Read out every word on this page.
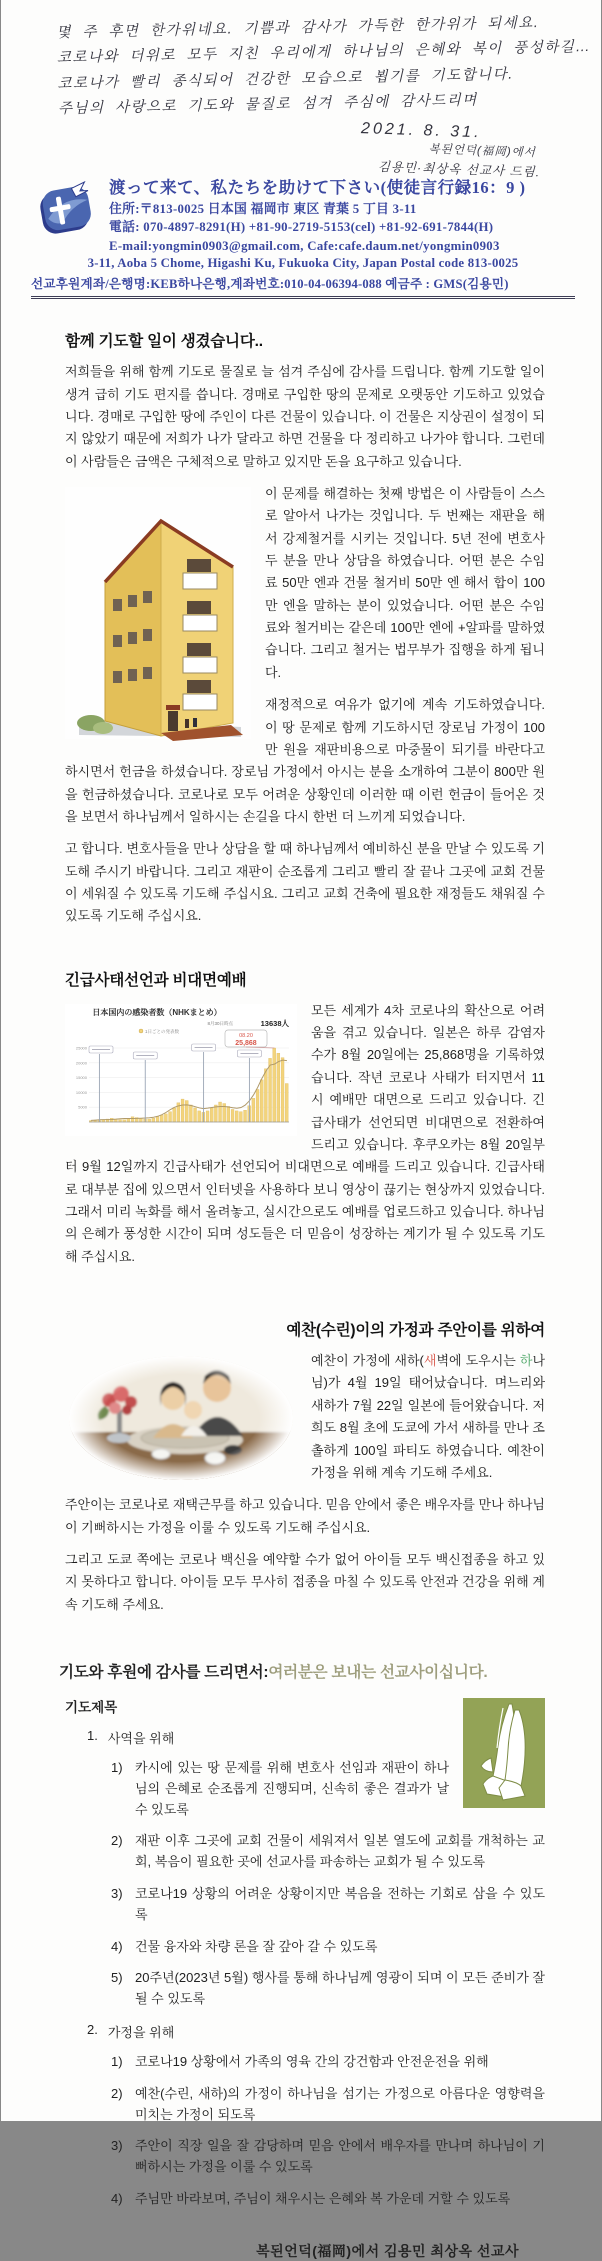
몇 주 후면 한가위네요. 기쁨과 감사가 가득한 한가위가 되세요.
코로나와 더위로 모두 지친 우리에게 하나님의 은혜와 복이 풍성하길…
코로나가 빨리 종식되어 건강한 모습으로 뵙기를 기도합니다.
주님의 사랑으로 기도와 물질로 섬겨 주심에 감사드리며
2021. 8. 31.
복된언덕(福岡)에서
김용민·최상옥 선교사 드림.
渡って来て、私たちを助けて下さい(使徒言行録16：9 )
住所:〒813-0025 日本国 福岡市 東区 青葉 5 丁目 3-11
電話: 070-4897-8291(H) +81-90-2719-5153(cel) +81-92-691-7844(H)
E-mail:yongmin0903@gmail.com, Cafe:cafe.daum.net/yongmin0903
3-11, Aoba 5 Chome, Higashi Ku, Fukuoka City, Japan Postal code 813-0025
선교후원계좌/은행명:KEB하나은행,계좌번호:010-04-06394-088 예금주 : GMS(김용민)
함께 기도할 일이 생겼습니다..

저희들을 위해 함께 기도로 물질로 늘 섬겨 주심에 감사를 드립니다. 함께 기도할 일이 생겨 급히 기도 편지를 씁니다. 경매로 구입한 땅의 문제로 오랫동안 기도하고 있었습니다. 경매로 구입한 땅에 주인이 다른 건물이 있습니다. 이 건물은 지상권이 설정이 되지 않았기 때문에 저희가 나가 달라고 하면 건물을 다 정리하고 나가야 합니다. 그런데 이 사람들은 금액은 구체적으로 말하고 있지만 돈을 요구하고 있습니다.

이 문제를 해결하는 첫째 방법은 이 사람들이 스스로 알아서 나가는 것입니다. 두 번째는 재판을 해서 강제철거를 시키는 것입니다. 5년 전에 변호사 두 분을 만나 상담을 하였습니다. 어떤 분은 수임료 50만 엔과 건물 철거비 50만 엔 해서 합이 100만 엔을 말하는 분이 있었습니다. 어떤 분은 수임료와 철거비는 같은데 100만 엔에 +알파를 말하였습니다. 그리고 철거는 법무부가 집행을 하게 됩니다.

재정적으로 여유가 없기에 계속 기도하였습니다. 이 땅 문제로 함께 기도하시던 장로님 가정이 100만 원을 재판비용으로 마중물이 되기를 바란다고 하시면서 헌금을 하셨습니다. 장로님 가정에서 아시는 분을 소개하여 그분이 800만 원을 헌금하셨습니다. 코로나로 모두 어려운 상황인데 이러한 때 이런 헌금이 들어온 것을 보면서 하나님께서 일하시는 손길을 다시 한번 더 느끼게 되었습니다.

고 합니다. 변호사들을 만나 상담을 할 때 하나님께서 예비하신 분을 만날 수 있도록 기도해 주시기 바랍니다. 그리고 재판이 순조롭게 그리고 빨리 잘 끝나 그곳에 교회 건물이 세워질 수 있도록 기도해 주십시요. 그리고 교회 건축에 필요한 재정들도 채워질 수 있도록 기도해 주십시요.

긴급사태선언과 비대면예배
日本国内の感染者数（NHKまとめ）
8月30日時点	13638人
1日ごとの発表数
08.20
25,868
25000
20000
15000
10000
5000

모든 세계가 4차 코로나의 확산으로 어려움을 겪고 있습니다. 일본은 하루 감염자 수가 8월 20일에는 25,868명을 기록하였습니다. 작년 코로나 사태가 터지면서 11시 예배만 대면으로 드리고 있습니다. 긴급사태가 선언되면 비대면으로 전환하여 드리고 있습니다. 후쿠오카는 8월 20일부터 9월 12일까지 긴급사태가 선언되어 비대면으로 예배를 드리고 있습니다. 긴급사태로 대부분 집에 있으면서 인터넷을 사용하다 보니 영상이 끊기는 현상까지 있었습니다. 그래서 미리 녹화를 해서 올려놓고, 실시간으로도 예배를 업로드하고 있습니다. 하나님의 은혜가 풍성한 시간이 되며 성도들은 더 믿음이 성장하는 계기가 될 수 있도록 기도해 주십시요.

예찬(수린)이의 가정과 주안이를 위하여

예찬이 가정에 새하(새벽에 도우시는 하나님)가 4월 19일 태어났습니다. 며느리와 새하가 7월 22일 일본에 들어왔습니다. 저희도 8월 초에 도쿄에 가서 새하를 만나 조촐하게 100일 파티도 하였습니다. 예찬이 가정을 위해 계속 기도해 주세요.

주안이는 코로나로 재택근무를 하고 있습니다. 믿음 안에서 좋은 배우자를 만나 하나님이 기뻐하시는 가정을 이룰 수 있도록 기도해 주십시요.

그리고 도쿄 쪽에는 코로나 백신을 예약할 수가 없어 아이들 모두 백신접종을 하고 있지 못하다고 합니다. 아이들 모두 무사히 접종을 마칠 수 있도록 안전과 건강을 위해 계속 기도해 주세요.

기도와 후원에 감사를 드리면서:여러분은 보내는 선교사이십니다.
기도제목
1. 사역을 위해
1) 카시에 있는 땅 문제를 위해 변호사 선임과 재판이 하나님의 은혜로 순조롭게 진행되며, 신속히 좋은 결과가 날 수 있도록
2) 재판 이후 그곳에 교회 건물이 세워져서 일본 열도에 교회를 개척하는 교회, 복음이 필요한 곳에 선교사를 파송하는 교회가 될 수 있도록
3) 코로나19 상황의 어려운 상황이지만 복음을 전하는 기회로 삼을 수 있도록
4) 건물 융자와 차량 론을 잘 갚아 갈 수 있도록
5) 20주년(2023년 5월) 행사를 통해 하나님께 영광이 되며 이 모든 준비가 잘 될 수 있도록
2. 가정을 위해
1) 코로나19 상황에서 가족의 영육 간의 강건함과 안전운전을 위해
2) 예찬(수린, 새하)의 가정이 하나님을 섬기는 가정으로 아름다운 영향력을 미치는 가정이 되도록
3) 주안이 직장 일을 잘 감당하며 믿음 안에서 배우자를 만나며 하나님이 기뻐하시는 가정을 이룰 수 있도록
4) 주님만 바라보며, 주님이 채우시는 은혜와 복 가운데 거할 수 있도록
복된언덕(福岡)에서 김용민 최상옥 선교사
